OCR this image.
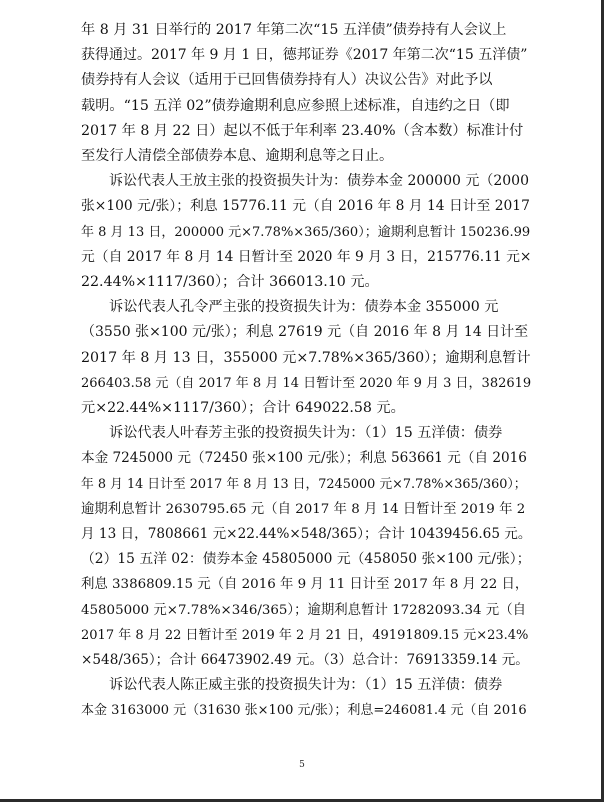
年 8 月 31 日举行的 2017 年第二次“15 五洋债”债券持有人会议上
获得通过。2017 年 9 月 1 日，德邦证券《2017 年第二次“15 五洋债”
债券持有人会议（适用于已回售债券持有人）决议公告》对此予以
载明。“15 五洋 02”债券逾期利息应参照上述标准，自违约之日（即
2017 年 8 月 22 日）起以不低于年利率 23.40%（含本数）标准计付
至发行人清偿全部债券本息、逾期利息等之日止。

诉讼代表人王放主张的投资损失计为：债券本金 200000 元（2000
张×100 元/张）；利息 15776.11 元（自 2016 年 8 月 14 日计至 2017
年 8 月 13 日，200000 元×7.78%×365/360）；逾期利息暂计 150236.99
元（自 2017 年 8 月 14 日暂计至 2020 年 9 月 3 日，215776.11 元×
22.44%×1117/360）；合计 366013.10 元。

诉讼代表人孔令严主张的投资损失计为：债券本金 355000 元
（3550 张×100 元/张）；利息 27619 元（自 2016 年 8 月 14 日计至
2017 年 8 月 13 日，355000 元×7.78%×365/360）；逾期利息暂计
266403.58 元（自 2017 年 8 月 14 日暂计至 2020 年 9 月 3 日，382619
元×22.44%×1117/360）；合计 649022.58 元。

诉讼代表人叶春芳主张的投资损失计为：（1）15 五洋债：债券
本金 7245000 元（72450 张×100 元/张）；利息 563661 元（自 2016
年 8 月 14 日计至 2017 年 8 月 13 日，7245000 元×7.78%×365/360）；
逾期利息暂计 2630795.65 元（自 2017 年 8 月 14 日暂计至 2019 年 2
月 13 日，7808661 元×22.44%×548/365）；合计 10439456.65 元。
（2）15 五洋 02：债券本金 45805000 元（458050 张×100 元/张）；
利息 3386809.15 元（自 2016 年 9 月 11 日计至 2017 年 8 月 22 日，
45805000 元×7.78%×346/365）；逾期利息暂计 17282093.34 元（自
2017 年 8 月 22 日暂计至 2019 年 2 月 21 日，49191809.15 元×23.4%
×548/365）；合计 66473902.49 元。（3）总合计：76913359.14 元。

诉讼代表人陈正威主张的投资损失计为：（1）15 五洋债：债券
本金 3163000 元（31630 张×100 元/张）；利息=246081.4 元（自 2016

5
